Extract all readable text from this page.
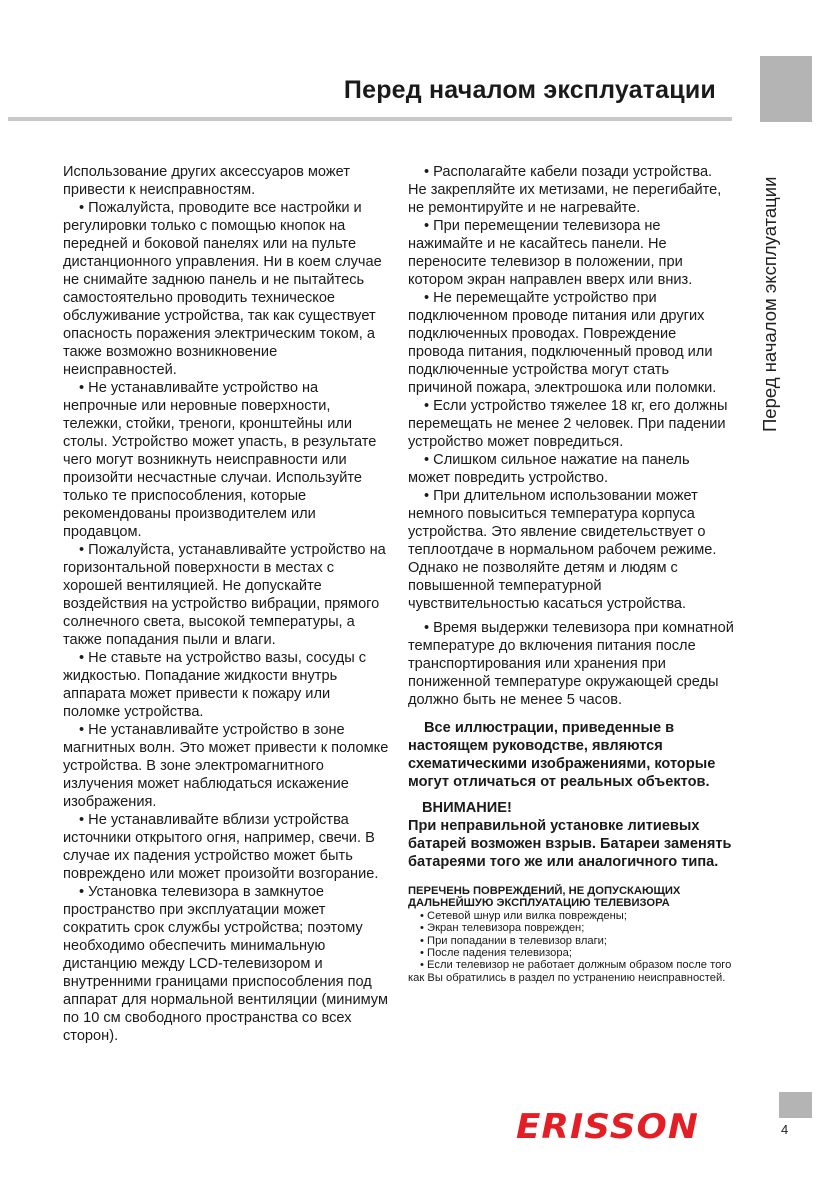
Перед началом эксплуатации
Перед началом эксплуатации

Использование других аксессуаров может привести к неисправностям.

• Пожалуйста, проводите все настройки и регулировки только с помощью кнопок на передней и боковой панелях или на пульте дистанционного управления. Ни в коем случае не снимайте заднюю панель и не пытайтесь самостоятельно проводить техническое обслуживание устройства, так как существует опасность поражения электрическим током, а также возможно возникновение неисправностей.

• Не устанавливайте устройство на непрочные или неровные поверхности, тележки, стойки, треноги, кронштейны или столы. Устройство может упасть, в результате чего могут возникнуть неисправности или произойти несчастные случаи. Используйте только те приспособления, которые рекомендованы производителем или продавцом.

• Пожалуйста, устанавливайте устройство на горизонтальной поверхности в местах с хорошей вентиляцией. Не допускайте воздействия на устройство вибрации, прямого солнечного света, высокой температуры, а также попадания пыли и влаги.

• Не ставьте на устройство вазы, сосуды с жидкостью. Попадание жидкости внутрь аппарата может привести к пожару или поломке устройства.

• Не устанавливайте устройство в зоне магнитных волн. Это может привести к поломке устройства. В зоне электромагнитного излучения может наблюдаться искажение изображения.

• Не устанавливайте вблизи устройства источники открытого огня, например, свечи. В случае их падения устройство может быть повреждено или может произойти возгорание.

• Установка телевизора в замкнутое пространство при эксплуатации может сократить срок службы устройства; поэтому необходимо обеспечить минимальную дистанцию между LCD-телевизором и внутренними границами приспособления под аппарат для нормальной вентиляции (минимум по 10 см свободного пространства со всех сторон).

• Располагайте кабели позади устройства. Не закрепляйте их метизами, не перегибайте, не ремонтируйте и не нагревайте.

• При перемещении телевизора не нажимайте и не касайтесь панели. Не переносите телевизор в положении, при котором экран направлен вверх или вниз.

• Не перемещайте устройство при подключенном проводе питания или других подключенных проводах. Повреждение провода питания, подключенный провод или подключенные устройства могут стать причиной пожара, электрошока или поломки.

• Если устройство тяжелее 18 кг, его должны перемещать не менее 2 человек. При падении устройство может повредиться.

• Слишком сильное нажатие на панель может повредить устройство.

• При длительном использовании может немного повыситься температура корпуса устройства. Это явление свидетельствует о теплоотдаче в нормальном рабочем режиме. Однако не позволяйте детям и людям с повышенной температурной чувствительностью касаться устройства.

• Время выдержки телевизора при комнатной температуре до включения питания после транспортирования или хранения при пониженной температуре окружающей среды должно быть не менее 5 часов.

Все иллюстрации, приведенные в настоящем руководстве, являются схематическими изображениями, которые могут отличаться от реальных объектов.

ВНИМАНИЕ!

При неправильной установке литиевых батарей возможен взрыв. Батареи заменять батареями того же или аналогичного типа.

ПЕРЕЧЕНЬ ПОВРЕЖДЕНИЙ, НЕ ДОПУСКАЮЩИХ ДАЛЬНЕЙШУЮ ЭКСПЛУАТАЦИЮ ТЕЛЕВИЗОРА

• Сетевой шнур или вилка повреждены;

• Экран телевизора поврежден;

• При попадании в телевизор влаги;

• После падения телевизора;

• Если телевизор не работает должным образом после того как Вы обратились в раздел по устранению неисправностей.

ERISSON	4
